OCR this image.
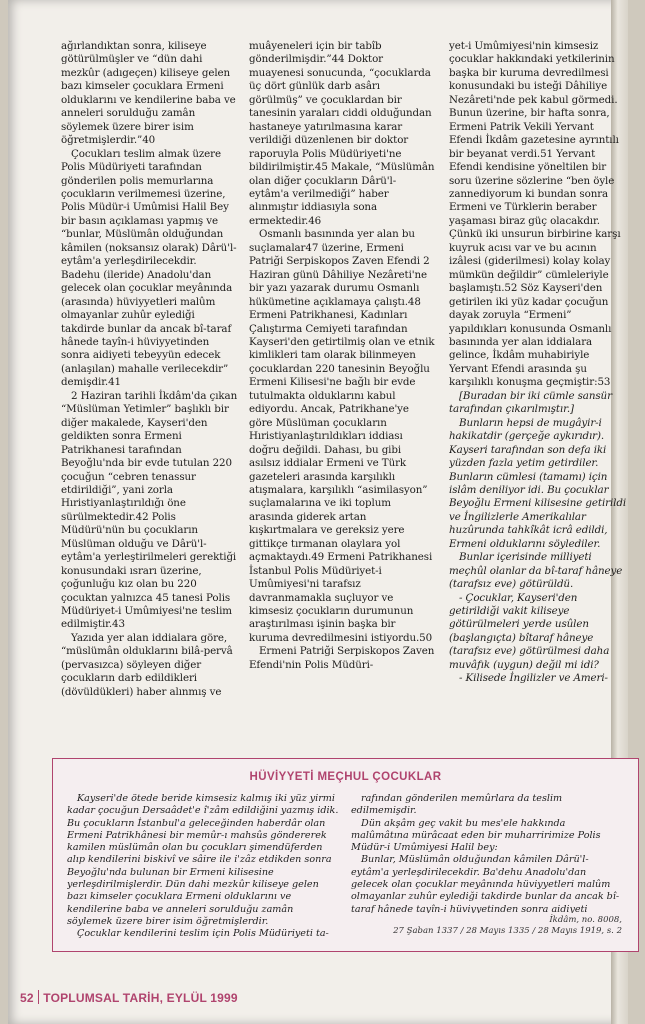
ağırlandıktan sonra, kiliseye götürülmüşler ve “dün dahi mezkûr (adıgeçen) kiliseye gelen bazı kimseler çocuklara Ermeni olduklarını ve kendilerine baba ve anneleri sorulduğu zamân söylemek üzere birer isim öğretmişlerdir.”40

Çocukları teslim almak üzere Polis Müdüriyeti tarafından gönderilen polis memurlarına çocukların verilmemesi üzerine, Polis Müdür-i Umûmisi Halil Bey bir basın açıklaması yapmış ve “bunlar, Müslümân olduğundan kâmilen (noksansız olarak) Dârü'l-eytâm'a yerleşdirilecekdir. Badehu (ileride) Anadolu'dan gelecek olan çocuklar meyânında (arasında) hüviyyetleri malûm olmayanlar zuhûr eylediği takdirde bunlar da ancak bî-taraf hânede tayîn-i hüviyyetinden sonra aidiyeti tebeyyün edecek (anlaşılan) mahalle verilecekdir” demişdir.41

2 Haziran tarihli İkdâm'da çıkan “Müslüman Yetimler” başlıklı bir diğer makalede, Kayseri'den geldikten sonra Ermeni Patrikhanesi tarafından Beyoğlu'nda bir evde tutulan 220 çocuğun “cebren tenassur etdirildiği”, yani zorla Hıristiyanlaştırıldığı öne sürülmektedir.42 Polis Müdürü'nün bu çocukların Müslüman olduğu ve Dârü'l-eytâm'a yerleştirilmeleri gerektiği konusundaki ısrarı üzerine, çoğunluğu kız olan bu 220 çocuktan yalnızca 45 tanesi Polis Müdüriyet-i Umûmiyesi'ne teslim edilmiştir.43

Yazıda yer alan iddialara göre, “müslümân olduklarını bilâ-pervâ (pervasızca) söyleyen diğer çocukların darb edildikleri (dövüldükleri) haber alınmış ve

muâyeneleri için bir tabîb gönderilmişdir.”44 Doktor muayenesi sonucunda, “çocuklarda üç dört günlük darb asârı görülmüş” ve çocuklardan bir tanesinin yaraları ciddi olduğundan hastaneye yatırılmasına karar verildiği düzenlenen bir doktor raporuyla Polis Müdüriyeti'ne bildirilmiştir.45 Makale, “Müslümân olan diğer çocukların Dârü'l-eytâm'a verilmediği” haber alınmıştır iddiasıyla sona ermektedir.46

Osmanlı basınında yer alan bu suçlamalar47 üzerine, Ermeni Patriği Serpiskopos Zaven Efendi 2 Haziran günü Dâhiliye Nezâreti'ne bir yazı yazarak durumu Osmanlı hükümetine açıklamaya çalıştı.48 Ermeni Patrikhanesi, Kadınları Çalıştırma Cemiyeti tarafından Kayseri'den getirtilmiş olan ve etnik kimlikleri tam olarak bilinmeyen çocuklardan 220 tanesinin Beyoğlu Ermeni Kilisesi'ne bağlı bir evde tutulmakta olduklarını kabul ediyordu. Ancak, Patrikhane'ye göre Müslüman çocukların Hıristiyanlaştırıldıkları iddiası doğru değildi. Dahası, bu gibi asılsız iddialar Ermeni ve Türk gazeteleri arasında karşılıklı atışmalara, karşılıklı “asimilasyon” suçlamalarına ve iki toplum arasında giderek artan kışkırtmalara ve gereksiz yere gittikçe tırmanan olaylara yol açmaktaydı.49 Ermeni Patrikhanesi İstanbul Polis Müdüriyet-i Umûmiyesi'ni tarafsız davranmamakla suçluyor ve kimsesiz çocukların durumunun araştırılması işinin başka bir kuruma devredilmesini istiyordu.50

Ermeni Patriği Serpiskopos Zaven Efendi'nin Polis Müdüri-

yet-i Umûmiyesi'nin kimsesiz çocuklar hakkındaki yetkilerinin başka bir kuruma devredilmesi konusundaki bu isteği Dâhiliye Nezâreti'nde pek kabul görmedi. Bunun üzerine, bir hafta sonra, Ermeni Patrik Vekili Yervant Efendi İkdâm gazetesine ayrıntılı bir beyanat verdi.51 Yervant Efendi kendisine yöneltilen bir soru üzerine sözlerine “ben öyle zannediyorum ki bundan sonra Ermeni ve Türklerin beraber yaşaması biraz güç olacakdır. Çünkü iki unsurun birbirine karşı kuyruk acısı var ve bu acının izâlesi (giderilmesi) kolay kolay mümkün değildir” cümleleriyle başlamıştı.52 Söz Kayseri'den getirilen iki yüz kadar çocuğun dayak zoruyla “Ermeni” yapıldıkları konusunda Osmanlı basınında yer alan iddialara gelince, İkdâm muhabiriyle Yervant Efendi arasında şu karşılıklı konuşma geçmiştir:53

[Buradan bir iki cümle sansür tarafından çıkarılmıştır.]

Bunların hepsi de mugâyir-i hakikatdir (gerçeğe aykırıdır). Kayseri tarafından son defa iki yüzden fazla yetim getirdiler. Bunların cümlesi (tamamı) için islâm deniliyor idi. Bu çocuklar Beyoğlu Ermeni kilisesine getirildi ve İngilizlerle Amerikalılar huzûrunda tahkîkât icrâ edildi, Ermeni olduklarını söylediler.

Bunlar içerisinde milliyeti meçhûl olanlar da bî-taraf hâneye (tarafsız eve) götürüldü.

- Çocuklar, Kayseri'den getirildiği vakit kiliseye götürülmeleri yerde usûlen (başlangıçta) bîtaraf hâneye (tarafsız eve) götürülmesi daha muvâfık (uygun) değil mi idi?

- Kilisede İngilizler ve Ameri-

HÜVİYYETİ MEÇHUL ÇOCUKLAR

Kayseri'de ötede beride kimsesiz kalmış iki yüz yirmi kadar çocuğun Dersaâdet'e î'zâm edildiğini yazmış idik. Bu çocukların İstanbul'a geleceğinden haberdâr olan Ermeni Patrikhânesi bir memûr-ı mahsûs göndererek kamilen müslümân olan bu çocukları şimendüferden alıp kendilerini biskivî ve sâire ile i'zâz etdikden sonra Beyoğlu'nda bulunan bir Ermeni kilisesine yerleşdirilmişlerdir. Dün dahi mezkûr kiliseye gelen bazı kimseler çocuklara Ermeni olduklarını ve kendilerine baba ve anneleri sorulduğu zamân söylemek üzere birer isim öğretmişlerdir.

Çocuklar kendilerini teslim için Polis Müdüriyeti ta-

rafından gönderilen memûrlara da teslim edilmemişdir.

Dün akşâm geç vakit bu mes'ele hakkında malûmâtına mürâcaat eden bir muharririmize Polis Müdür-i Umûmiyesi Halil bey:

Bunlar, Müslümân olduğundan kâmilen Dârü'l-eytâm'a yerleşdirilecekdir. Ba'dehu Anadolu'dan gelecek olan çocuklar meyânında hüviyyetleri malûm olmayanlar zuhûr eylediği takdirde bunlar da ancak bî-taraf hânede tayîn-i hüviyyetinden sonra aidiyeti

İkdâm, no. 8008,
27 Şaban 1337 / 28 Mayıs 1335 / 28 Mayıs 1919, s. 2
52 TOPLUMSAL TARİH, EYLÜL 1999
